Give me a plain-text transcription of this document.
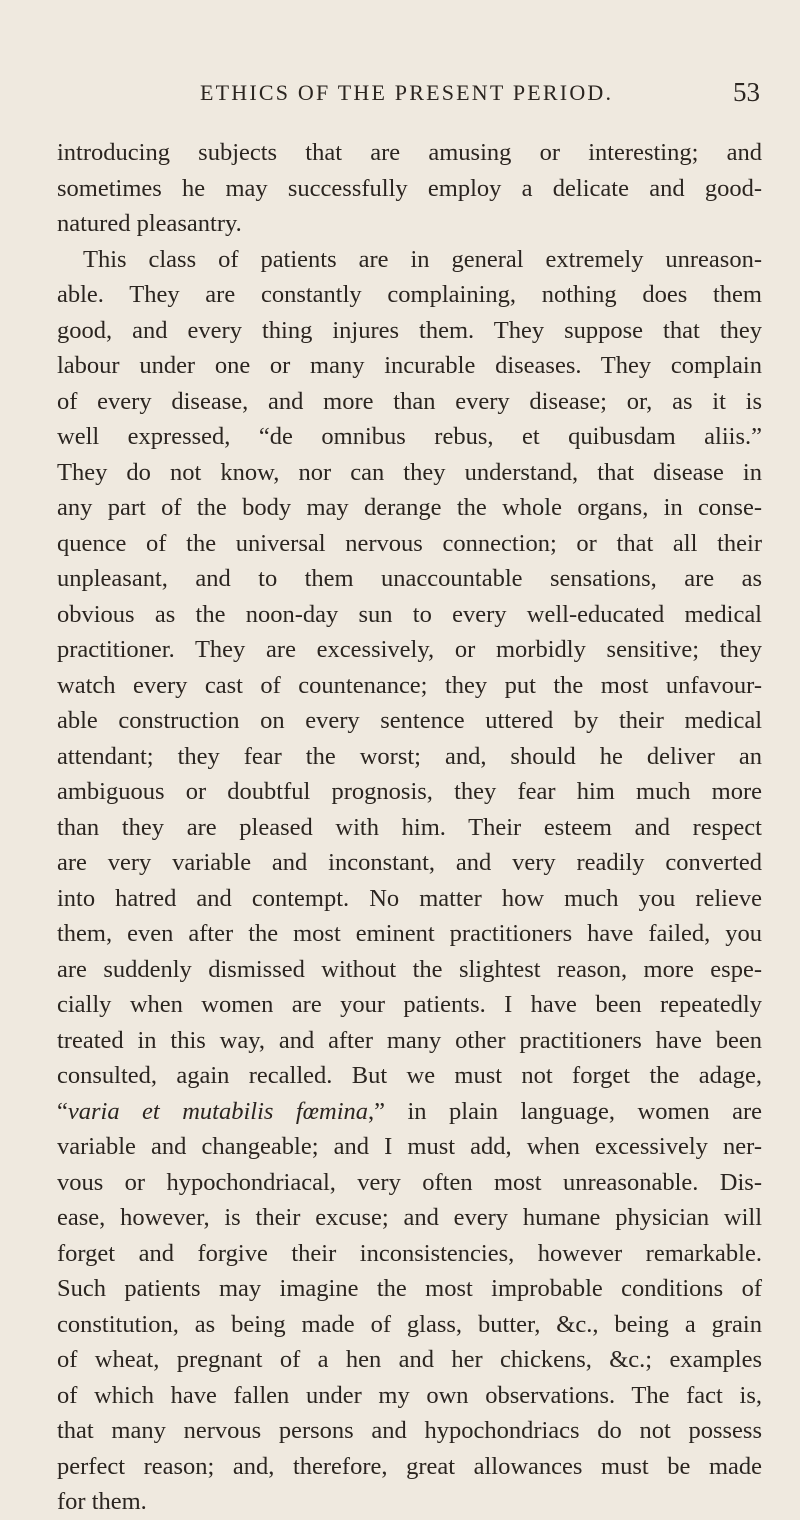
ETHICS OF THE PRESENT PERIOD.	53
introducing subjects that are amusing or interesting; and
sometimes he may successfully employ a delicate and good-
natured pleasantry.
This class of patients are in general extremely unreason-
able. They are constantly complaining, nothing does them
good, and every thing injures them. They suppose that they
labour under one or many incurable diseases. They complain
of every disease, and more than every disease; or, as it is
well expressed, “de omnibus rebus, et quibusdam aliis.”
They do not know, nor can they understand, that disease in
any part of the body may derange the whole organs, in conse-
quence of the universal nervous connection; or that all their
unpleasant, and to them unaccountable sensations, are as
obvious as the noon-day sun to every well-educated medical
practitioner. They are excessively, or morbidly sensitive; they
watch every cast of countenance; they put the most unfavour-
able construction on every sentence uttered by their medical
attendant; they fear the worst; and, should he deliver an
ambiguous or doubtful prognosis, they fear him much more
than they are pleased with him. Their esteem and respect
are very variable and inconstant, and very readily converted
into hatred and contempt. No matter how much you relieve
them, even after the most eminent practitioners have failed, you
are suddenly dismissed without the slightest reason, more espe-
cially when women are your patients. I have been repeatedly
treated in this way, and after many other practitioners have been
consulted, again recalled. But we must not forget the adage,
“varia et mutabilis fœmina,” in plain language, women are
variable and changeable; and I must add, when excessively ner-
vous or hypochondriacal, very often most unreasonable. Dis-
ease, however, is their excuse; and every humane physician will
forget and forgive their inconsistencies, however remarkable.
Such patients may imagine the most improbable conditions of
constitution, as being made of glass, butter, &c., being a grain
of wheat, pregnant of a hen and her chickens, &c.; examples
of which have fallen under my own observations. The fact is,
that many nervous persons and hypochondriacs do not possess
perfect reason; and, therefore, great allowances must be made
for them.
